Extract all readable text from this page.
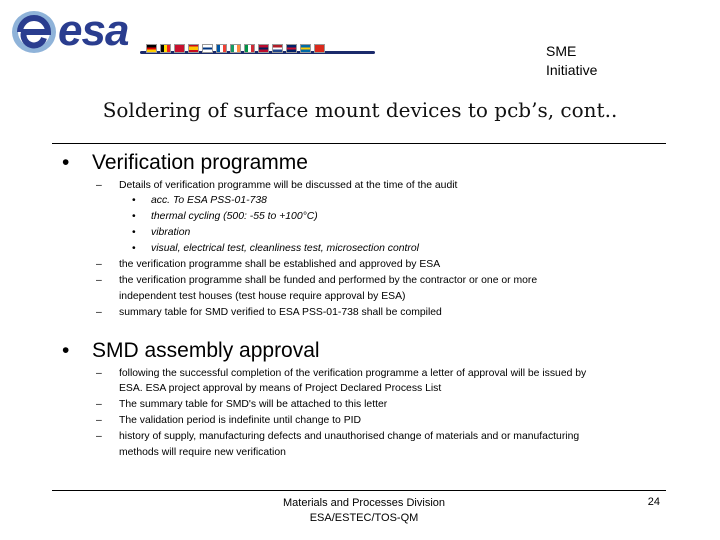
esa	SME
Initiative
Soldering of surface mount devices to pcb’s, cont..
•	Verification programme
– Details of verification programme will be discussed at the time of the audit
• acc. To ESA PSS-01-738
• thermal cycling (500: -55 to +100°C)
• vibration
• visual, electrical test, cleanliness test, microsection control
– the verification programme shall be established and approved by ESA
– the verification programme shall be funded and performed by the contractor or one or more
independent test houses (test house require approval by ESA)
– summary table for SMD verified to ESA PSS-01-738 shall be compiled
•	SMD assembly approval
– following the successful completion of the verification programme a letter of approval will be issued by
ESA. ESA project approval by means of Project Declared Process List
– The summary table for SMD's will be attached to this letter
– The validation period is indefinite until change to PID
– history of supply, manufacturing defects and unauthorised change of materials and or manufacturing
methods will require new verification
Materials and Processes Division
ESA/ESTEC/TOS-QM
24
